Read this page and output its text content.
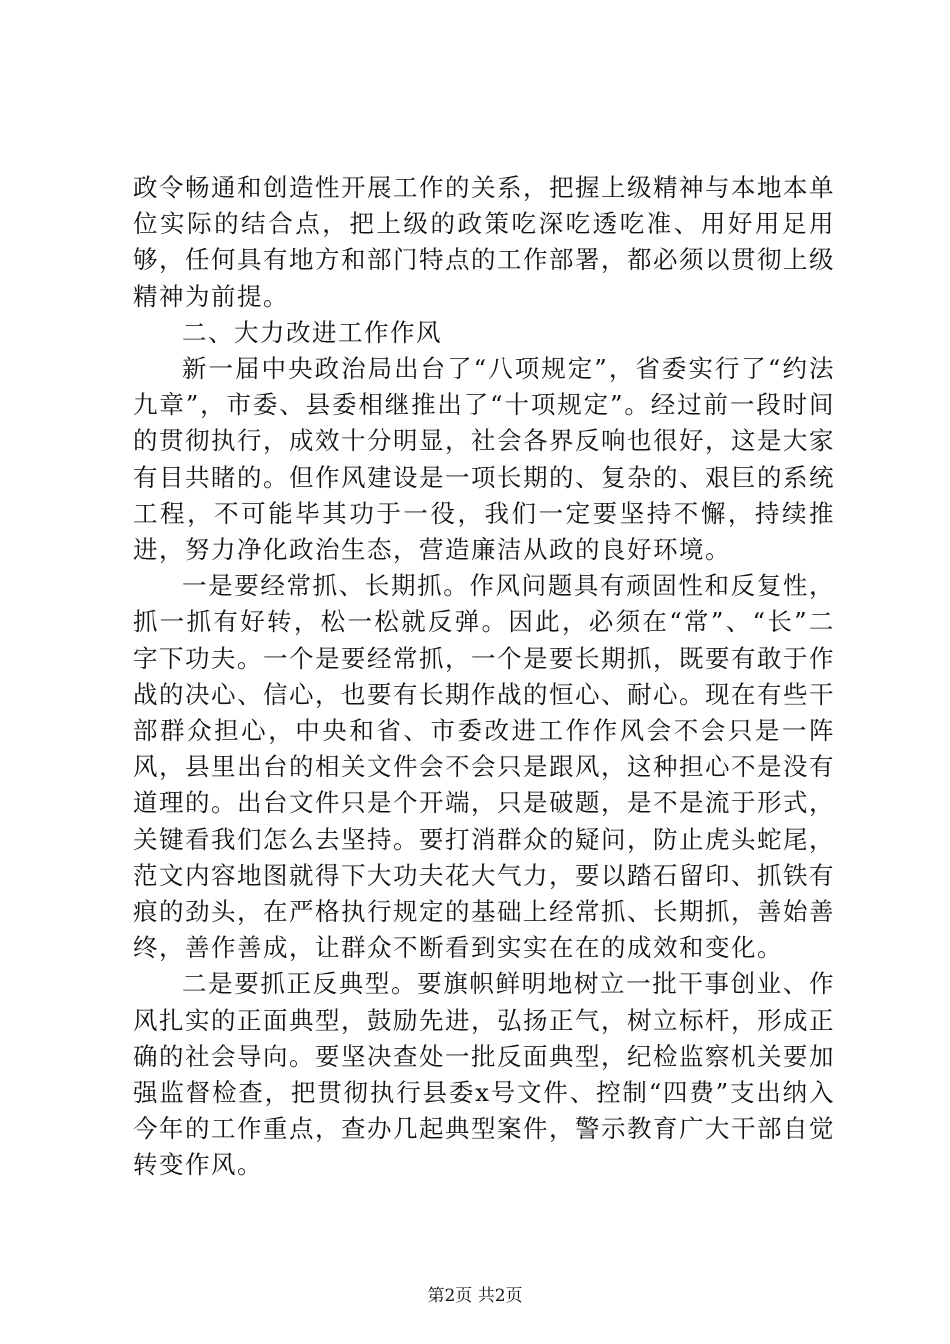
政令畅通和创造性开展工作的关系，把握上级精神与本地本单位实际的结合点，把上级的政策吃深吃透吃准、用好用足用够，任何具有地方和部门特点的工作部署，都必须以贯彻上级精神为前提。

二、大力改进工作作风

新一届中央政治局出台了“八项规定”，省委实行了“约法九章”，市委、县委相继推出了“十项规定”。经过前一段时间的贯彻执行，成效十分明显，社会各界反响也很好，这是大家有目共睹的。但作风建设是一项长期的、复杂的、艰巨的系统工程，不可能毕其功于一役，我们一定要坚持不懈，持续推进，努力净化政治生态，营造廉洁从政的良好环境。

一是要经常抓、长期抓。作风问题具有顽固性和反复性，抓一抓有好转，松一松就反弹。因此，必须在“常”、“长”二字下功夫。一个是要经常抓，一个是要长期抓，既要有敢于作战的决心、信心，也要有长期作战的恒心、耐心。现在有些干部群众担心，中央和省、市委改进工作作风会不会只是一阵风，县里出台的相关文件会不会只是跟风，这种担心不是没有道理的。出台文件只是个开端，只是破题，是不是流于形式，关键看我们怎么去坚持。要打消群众的疑问，防止虎头蛇尾，范文内容地图就得下大功夫花大气力，要以踏石留印、抓铁有痕的劲头，在严格执行规定的基础上经常抓、长期抓，善始善终，善作善成，让群众不断看到实实在在的成效和变化。

二是要抓正反典型。要旗帜鲜明地树立一批干事创业、作风扎实的正面典型，鼓励先进，弘扬正气，树立标杆，形成正确的社会导向。要坚决查处一批反面典型，纪检监察机关要加强监督检查，把贯彻执行县委x号文件、控制“四费”支出纳入今年的工作重点，查办几起典型案件，警示教育广大干部自觉转变作风。

第2页 共2页
